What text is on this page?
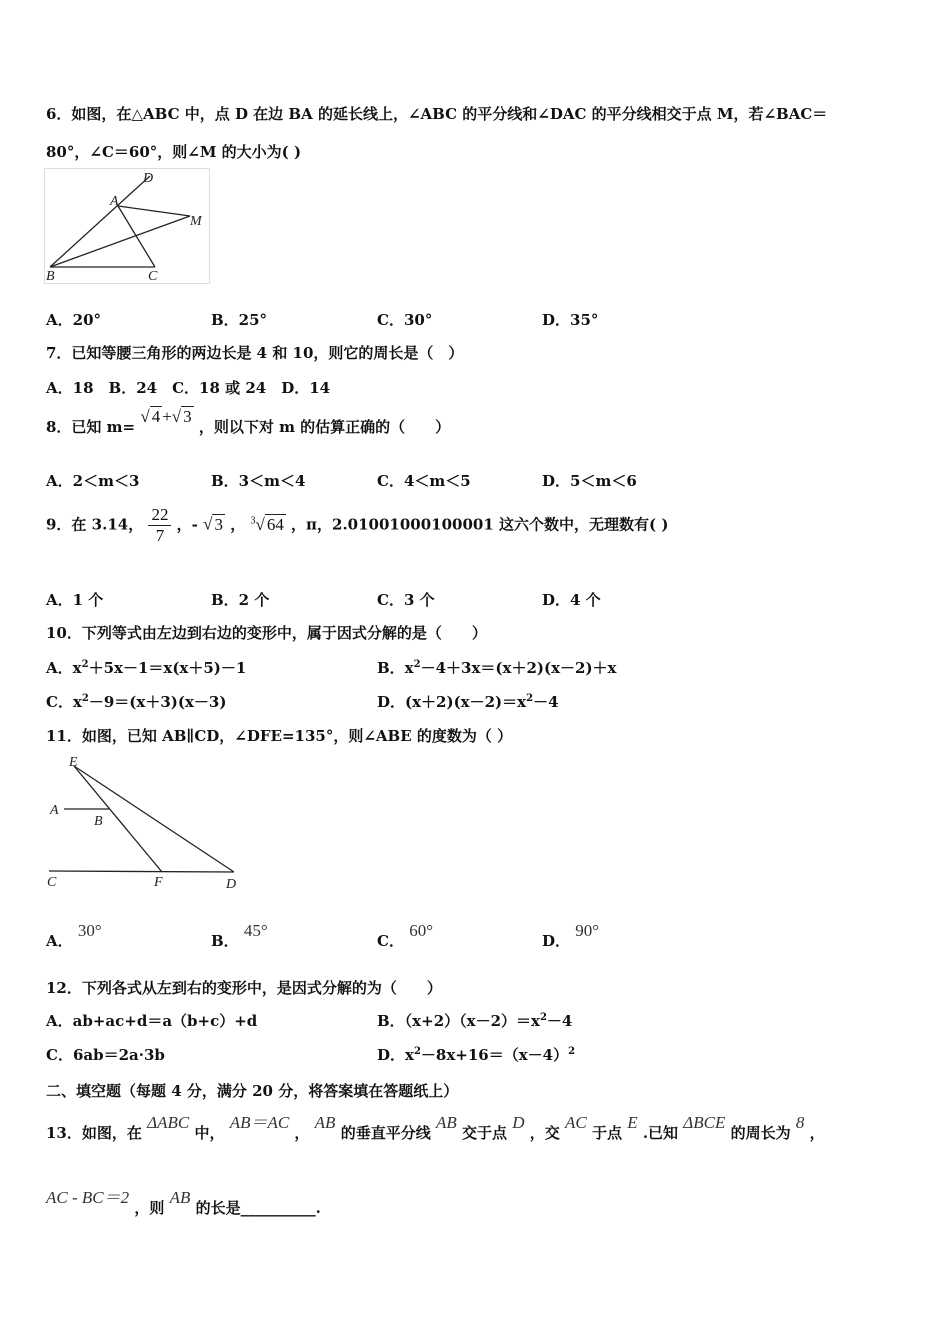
6．如图，在△ABC 中，点 D 在边 BA 的延长线上，∠ABC 的平分线和∠DAC 的平分线相交于点 M，若∠BAC＝
80°，∠C＝60°，则∠M 的大小为( )
D
A
M
B	C
A．20°	B．25°	C．30°	D．35°
7．已知等腰三角形的两边长是 4 和 10，则它的周长是（　）
A．18　B．24　C．18 或 24　D．14
8．已知 m= √ 4 +√ 3 ，则以下对 m 的估算正确的（　　）
A．2＜m＜3	B．3＜m＜4	C．4＜m＜5	D．5＜m＜6
9．在 3.14， $\frac{22}{7}$ ，- √ 3 ， $^3$√ 64 ，π，2.01001000100001 这六个数中，无理数有( )
A．1 个	B．2 个	C．3 个	D．4 个
10．下列等式由左边到右边的变形中，属于因式分解的是（　　）
A．$x^2+5x-1=x(x+5)-1$	B．$x^2-4+3x=(x+2)(x-2)+x$
C．$x^2-9=(x+3)(x-3)$	D．$(x+2)(x-2)=x^2-4$
11．如图，已知 AB∥CD，∠DFE=135°，则∠ABE 的度数为（ ）
E
A
B
C	F	D
A． 30°
B． 45°
C． 60°
D． 90°
12．下列各式从左到右的变形中，是因式分解的为（　　）
A．ab+ac+d＝a（b+c）+d	B．$(x+2)(x-2)=x^2-4$
C．6ab＝2a·3b	D．$x^2-8x+16=(x-4)^2$
二、填空题（每题 4 分，满分 20 分，将答案填在答题纸上）
13．如图，在 ΔABC 中， AB＝AC ， AB 的垂直平分线 AB 交于点 D ，交 AC 于点 E .已知 ΔBCE 的周长为 8 ，
AC - BC＝2 ，则 AB 的长是__________.
